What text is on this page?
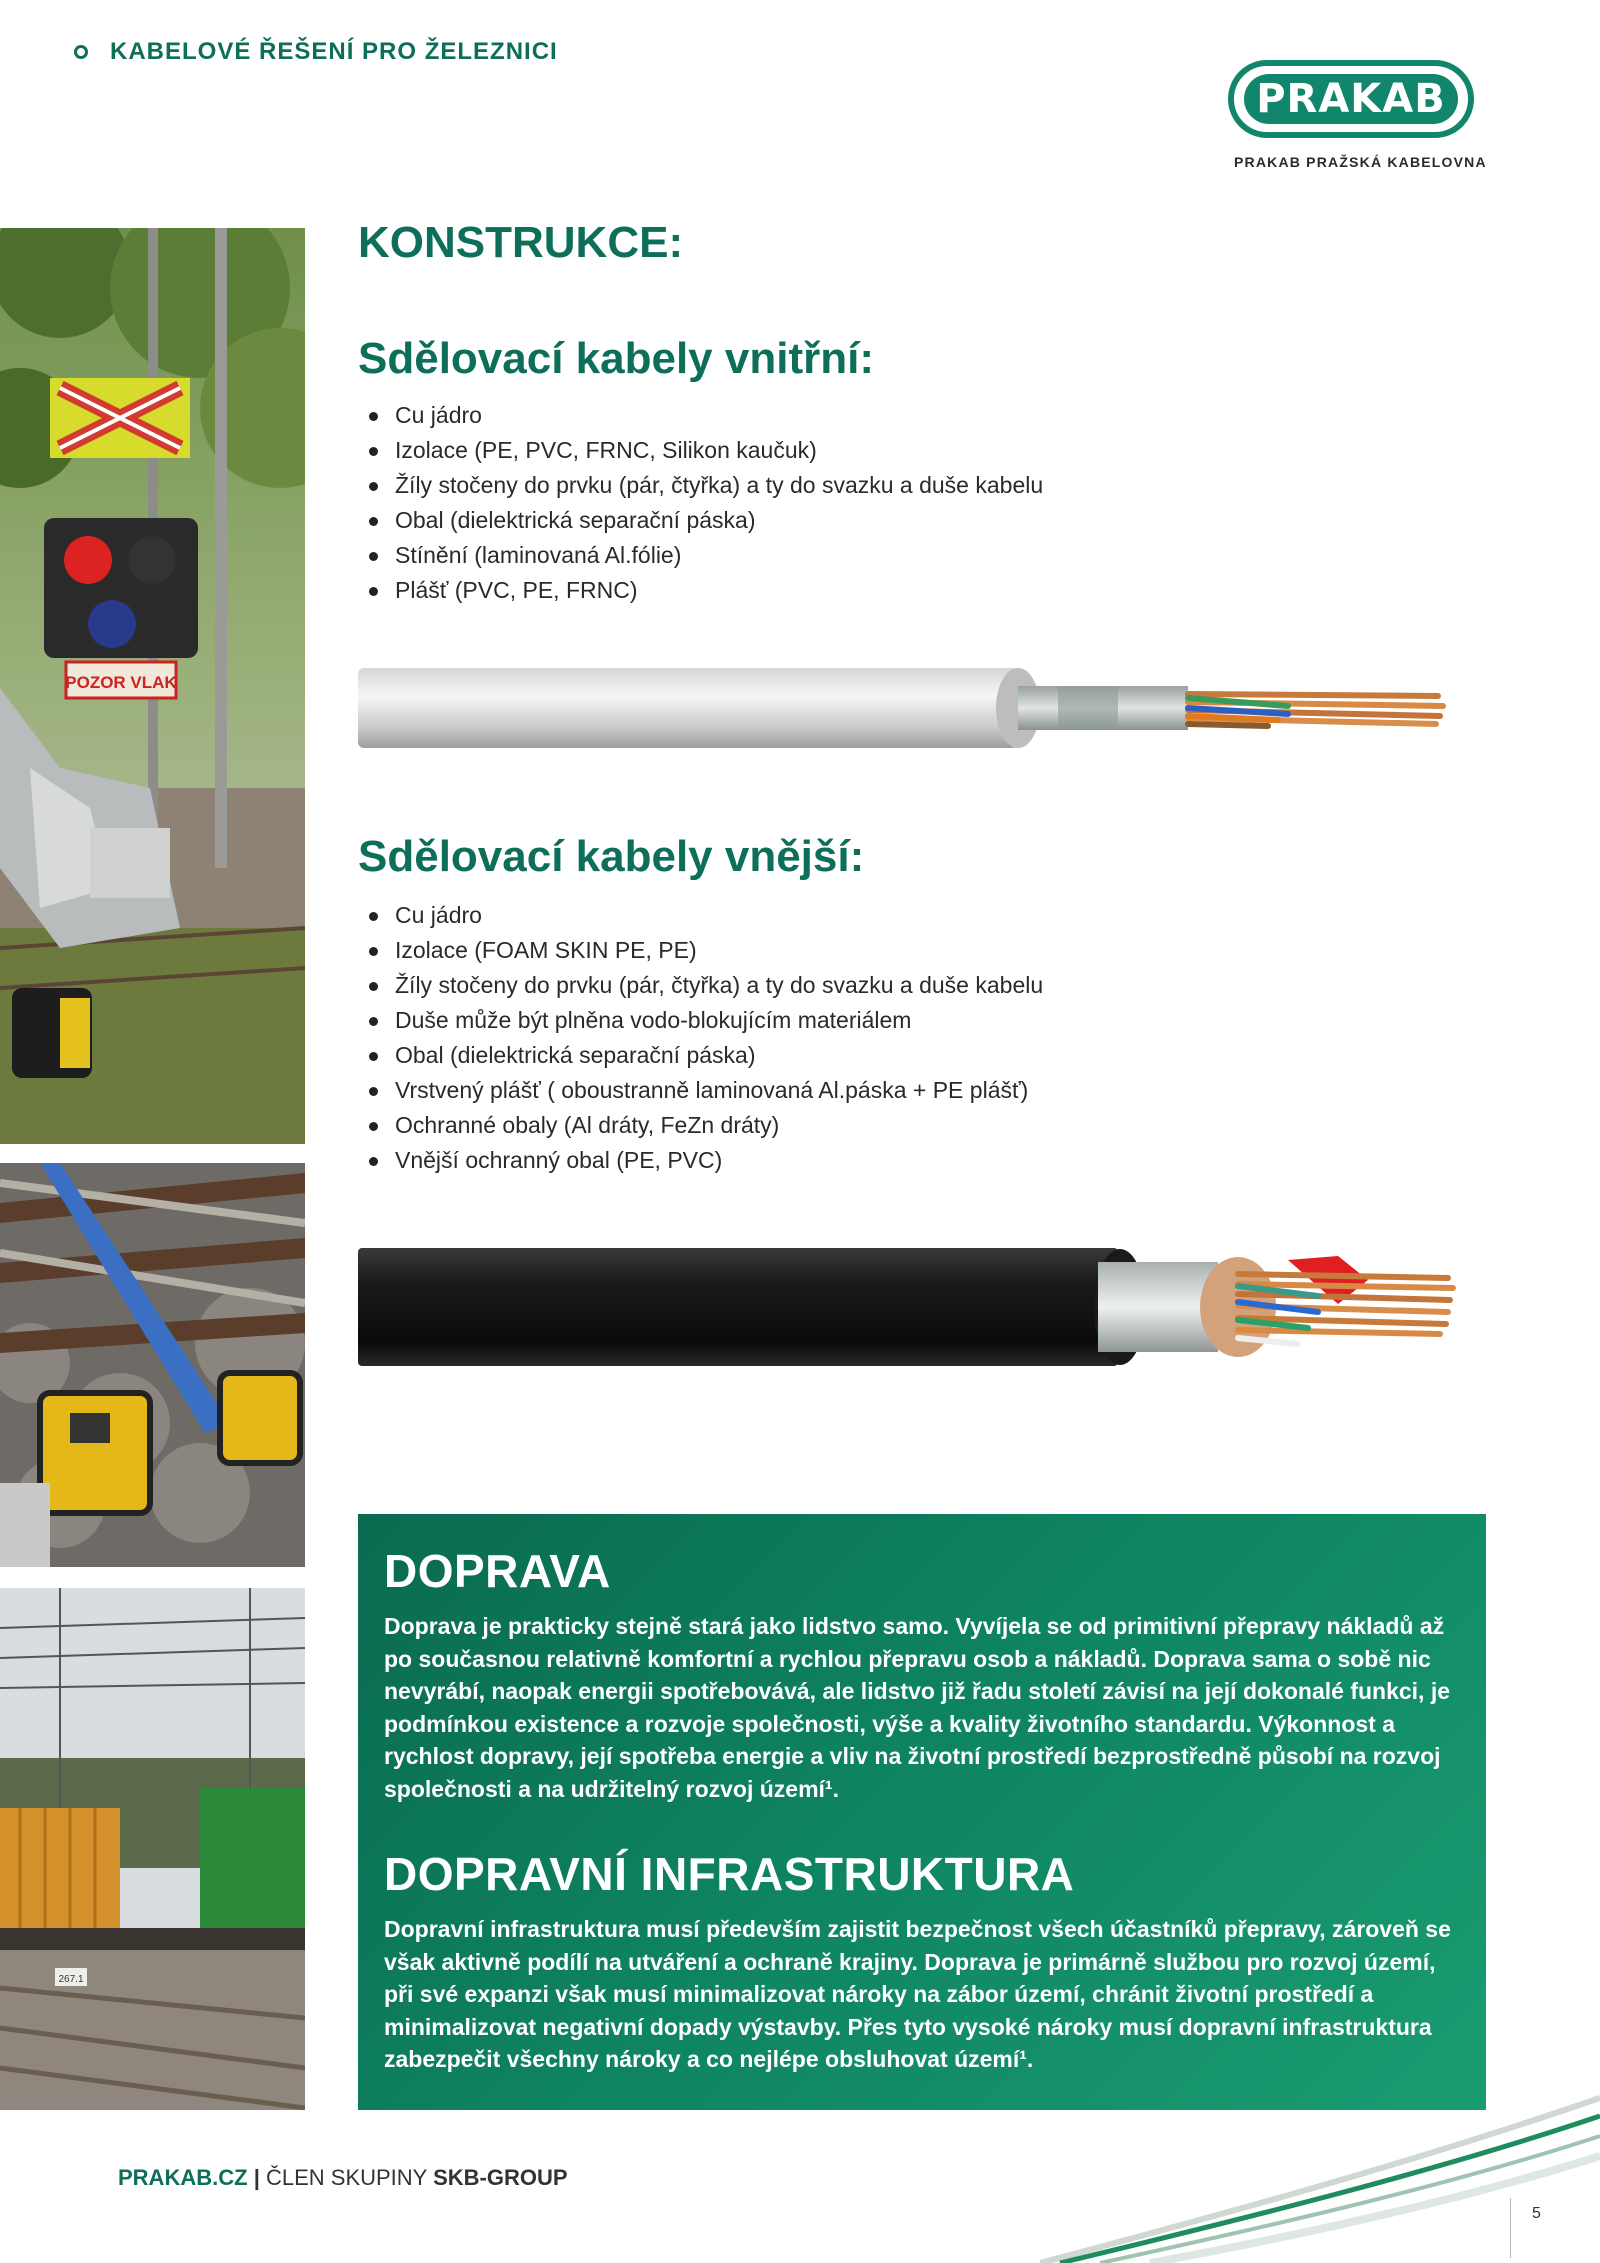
KABELOVÉ ŘEŠENÍ PRO ŽELEZNICI
PRAKAB
PRAKAB PRAŽSKÁ KABELOVNA
POZOR VLAK
267.1
KONSTRUKCE:
Sdělovací kabely vnitřní:
Cu jádro
Izolace (PE, PVC, FRNC, Silikon kaučuk)
Žíly stočeny do prvku (pár, čtyřka) a ty do svazku a duše kabelu
Obal (dielektrická separační páska)
Stínění (laminovaná Al.fólie)
Plášť (PVC, PE, FRNC)
Sdělovací kabely vnější:
Cu jádro
Izolace (FOAM SKIN PE, PE)
Žíly stočeny do prvku (pár, čtyřka) a ty do svazku a duše kabelu
Duše může být plněna vodo-blokujícím materiálem
Obal (dielektrická separační páska)
Vrstvený plášť ( oboustranně laminovaná Al.páska + PE plášť)
Ochranné obaly (Al dráty, FeZn dráty)
Vnější ochranný obal (PE, PVC)
DOPRAVA

Doprava je prakticky stejně stará jako lidstvo samo. Vyvíjela se od primitivní přepravy nákladů až po současnou relativně komfortní a rychlou přepravu osob a nákladů. Doprava sama o sobě nic nevyrábí, naopak energii spotřebovává, ale lidstvo již řadu století závisí na její dokonalé funkci, je podmínkou existence a rozvoje společnosti, výše a kvality životního standardu. Výkonnost a rychlost dopravy, její spotřeba energie a vliv na životní prostředí bezprostředně působí na rozvoj společnosti a na udržitelný rozvoj území¹.

DOPRAVNÍ INFRASTRUKTURA

Dopravní infrastruktura musí především zajistit bezpečnost všech účastníků přepravy, zároveň se však aktivně podílí na utváření a ochraně krajiny. Doprava je primárně službou pro rozvoj území, při své expanzi však musí minimalizovat nároky na zábor území, chránit životní prostředí a minimalizovat negativní dopady výstavby. Přes tyto vysoké nároky musí dopravní infrastruktura zabezpečit všechny nároky a co nejlépe obsluhovat území¹.

PRAKAB.CZ | ČLEN SKUPINY SKB-GROUP
5
